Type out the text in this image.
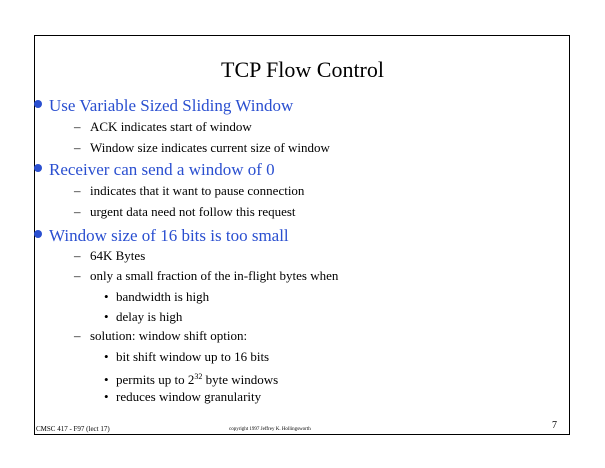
TCP Flow Control
Use Variable Sized Sliding Window
– ACK indicates start of window
– Window size indicates current size of window
Receiver can send a window of 0
– indicates that it want to pause connection
– urgent data need not follow this request
Window size of 16 bits is too small
– 64K Bytes
– only a small fraction of the in-flight bytes when
• bandwidth is high
• delay is high
– solution: window shift option:
• bit shift window up to 16 bits
• permits up to $2^{32}$ byte windows
• reduces window granularity
CMSC 417 - F97 (lect 17)	copyright 1997 Jeffrey K. Hollingsworth	7
